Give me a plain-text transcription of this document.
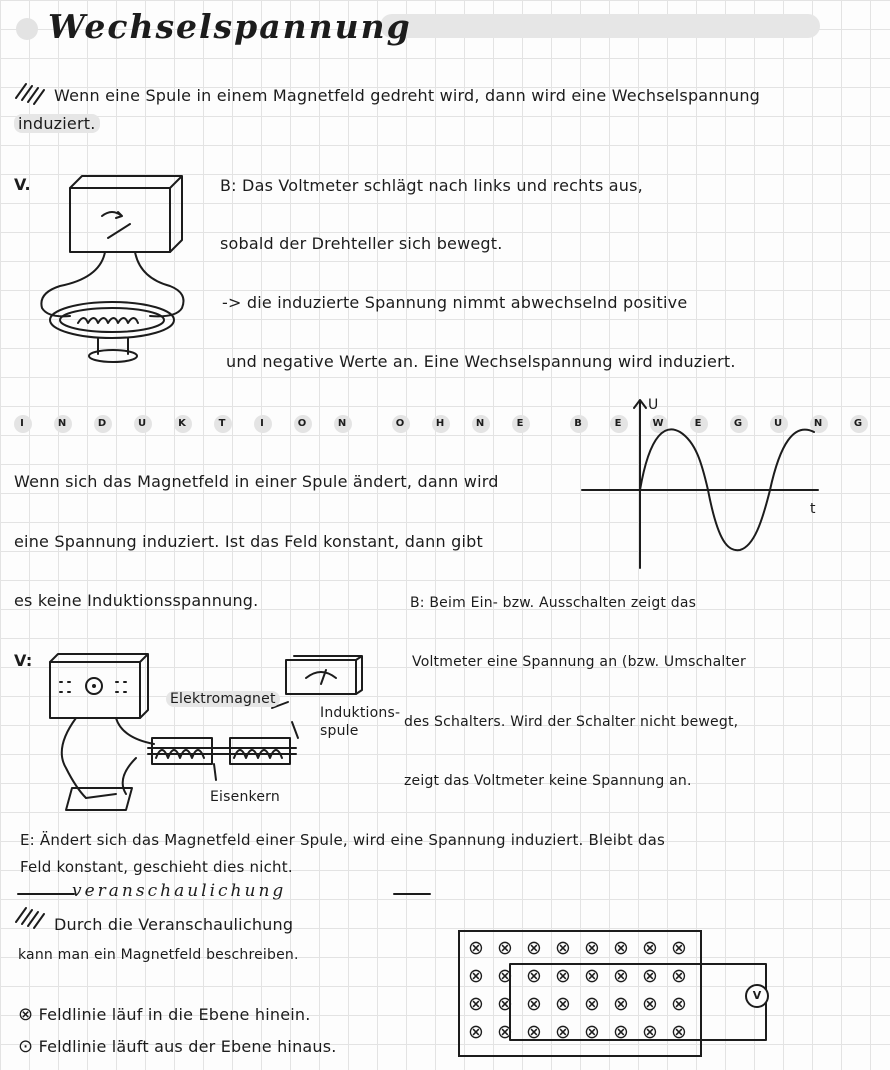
Wechselspannung
Wenn eine Spule in einem Magnetfeld gedreht wird, dann wird eine Wechselspannung
induziert.
V.	B: Das Voltmeter schlägt nach links und rechts aus,
sobald der Drehteller sich bewegt.
-> die induzierte Spannung nimmt abwechselnd positive
und negative Werte an. Eine Wechselspannung wird induziert.
I	N	D	U	K	T	I	O	N	O	H	N	E	B	E	W	E	G	U	N	G
U
t
Wenn sich das Magnetfeld in einer Spule ändert, dann wird
eine Spannung induziert. Ist das Feld konstant, dann gibt
es keine Induktionsspannung.
V:
Elektromagnet
Induktions-
spule
Eisenkern
B: Beim Ein- bzw. Ausschalten zeigt das
Voltmeter eine Spannung an (bzw. Umschalter
des Schalters. Wird der Schalter nicht bewegt,
zeigt das Voltmeter keine Spannung an.
E: Ändert sich das Magnetfeld einer Spule, wird eine Spannung induziert. Bleibt das
Feld konstant, geschieht dies nicht.
veranschaulichung
Durch die Veranschaulichung
kann man ein Magnetfeld beschreiben.
⊗ Feldlinie läuf in die Ebene hinein.
⊙ Feldlinie läuft aus der Ebene hinaus.
⊗ ⊗ ⊗ ⊗ ⊗ ⊗ ⊗ ⊗
⊗ ⊗ ⊗ ⊗ ⊗ ⊗ ⊗ ⊗
⊗ ⊗ ⊗ ⊗ ⊗ ⊗ ⊗ ⊗
⊗ ⊗ ⊗ ⊗ ⊗ ⊗ ⊗ ⊗
V
